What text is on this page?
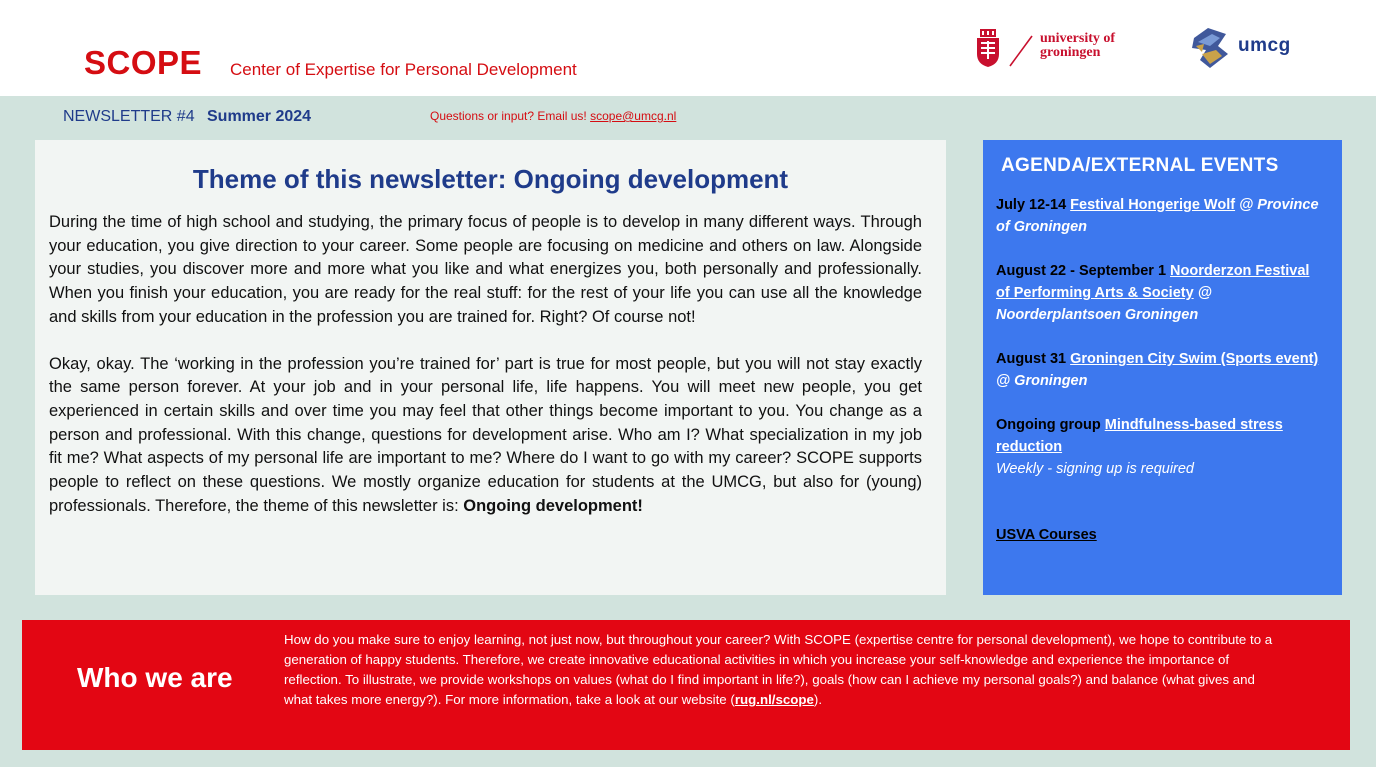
SCOPE Center of Expertise for Personal Development
university of
groningen	umcg
NEWSLETTER #4 Summer 2024	Questions or input? Email us! scope@umcg.nl
Theme of this newsletter: Ongoing development

During the time of high school and studying, the primary focus of people is to develop in many different ways. Through your education, you give direction to your career. Some people are focusing on medicine and others on law. Alongside your studies, you discover more and more what you like and what energizes you, both personally and professionally. When you finish your education, you are ready for the real stuff: for the rest of your life you can use all the knowledge and skills from your education in the profession you are trained for. Right? Of course not!

Okay, okay. The ‘working in the profession you’re trained for’ part is true for most people, but you will not stay exactly the same person forever. At your job and in your personal life, life happens. You will meet new people, you get experienced in certain skills and over time you may feel that other things become important to you. You change as a person and professional. With this change, questions for development arise. Who am I? What specialization in my job fit me? What aspects of my personal life are important to me? Where do I want to go with my career? SCOPE supports people to reflect on these questions. We mostly organize education for students at the UMCG, but also for (young) professionals. Therefore, the theme of this newsletter is: Ongoing development!

AGENDA/EXTERNAL EVENTS
July 12-14 Festival Hongerige Wolf @ Province of Groningen
August 22 - September 1 Noorderzon Festival of Performing Arts & Society @ Noorderplantsoen Groningen
August 31 Groningen City Swim (Sports event) @ Groningen
Ongoing group Mindfulness-based stress reduction
Weekly - signing up is required
USVA Courses
Who we are
How do you make sure to enjoy learning, not just now, but throughout your career? With SCOPE (expertise centre for personal development), we hope to contribute to a generation of happy students. Therefore, we create innovative educational activities in which you increase your self-knowledge and experience the importance of reflection. To illustrate, we provide workshops on values (what do I find important in life?), goals (how can I achieve my personal goals?) and balance (what gives and what takes more energy?). For more information, take a look at our website (rug.nl/scope).
